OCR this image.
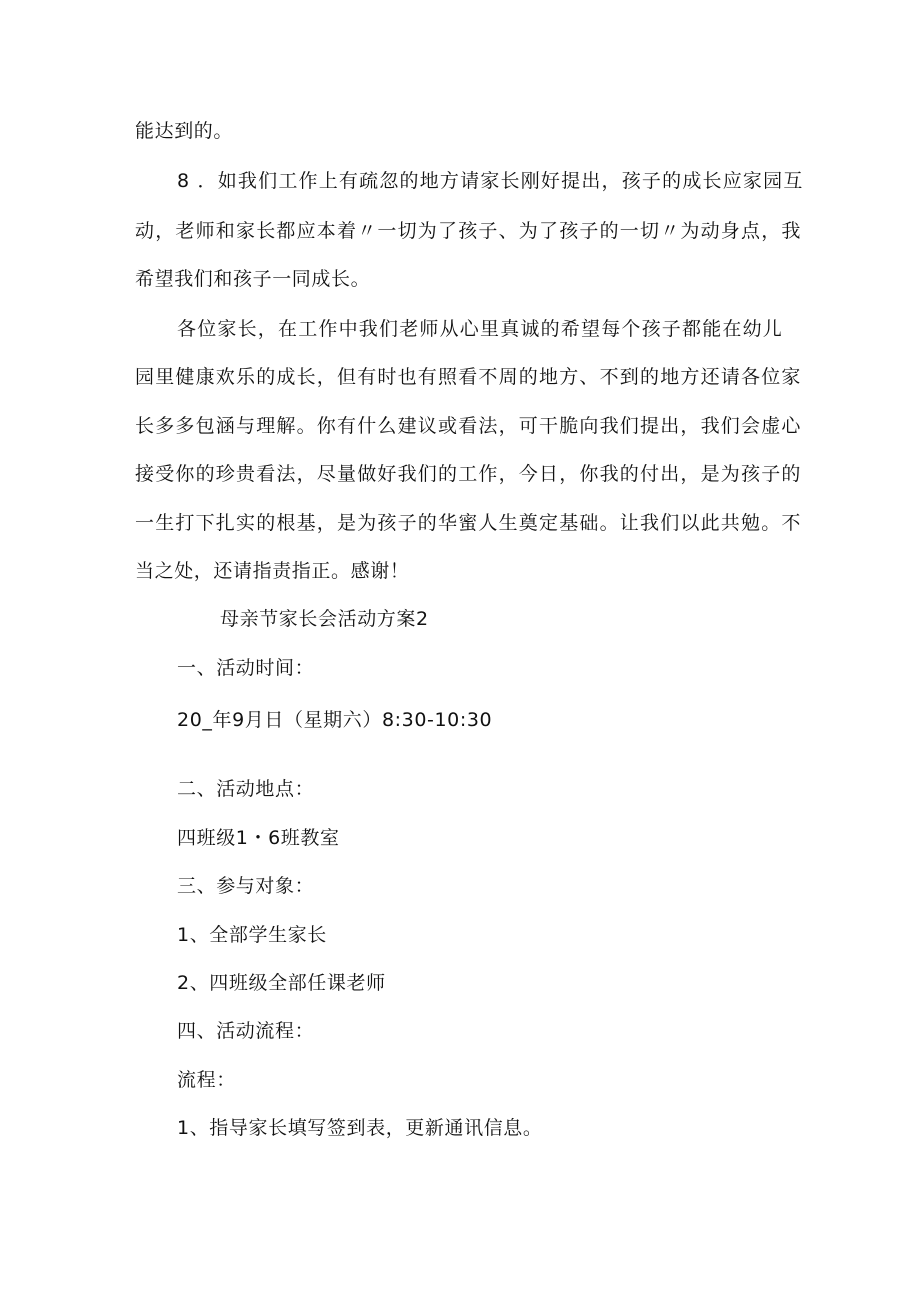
能达到的。
8 ．如我们工作上有疏忽的地方请家长刚好提出，孩子的成长应家园互
动，老师和家长都应本着〃一切为了孩子、为了孩子的一切〃为动身点，我
希望我们和孩子一同成长。
各位家长，在工作中我们老师从心里真诚的希望每个孩子都能在幼儿
园里健康欢乐的成长，但有时也有照看不周的地方、不到的地方还请各位家
长多多包涵与理解。你有什么建议或看法，可干脆向我们提出，我们会虚心
接受你的珍贵看法，尽量做好我们的工作，今日，你我的付出，是为孩子的
一生打下扎实的根基，是为孩子的华蜜人生奠定基础。让我们以此共勉。不
当之处，还请指责指正。感谢！
母亲节家长会活动方案2
一、活动时间：
20_年9月日（星期六）8:30-10:30
二、活动地点：
四班级1・6班教室
三、参与对象：
1、全部学生家长
2、四班级全部任课老师
四、活动流程：
流程：
1、指导家长填写签到表，更新通讯信息。
